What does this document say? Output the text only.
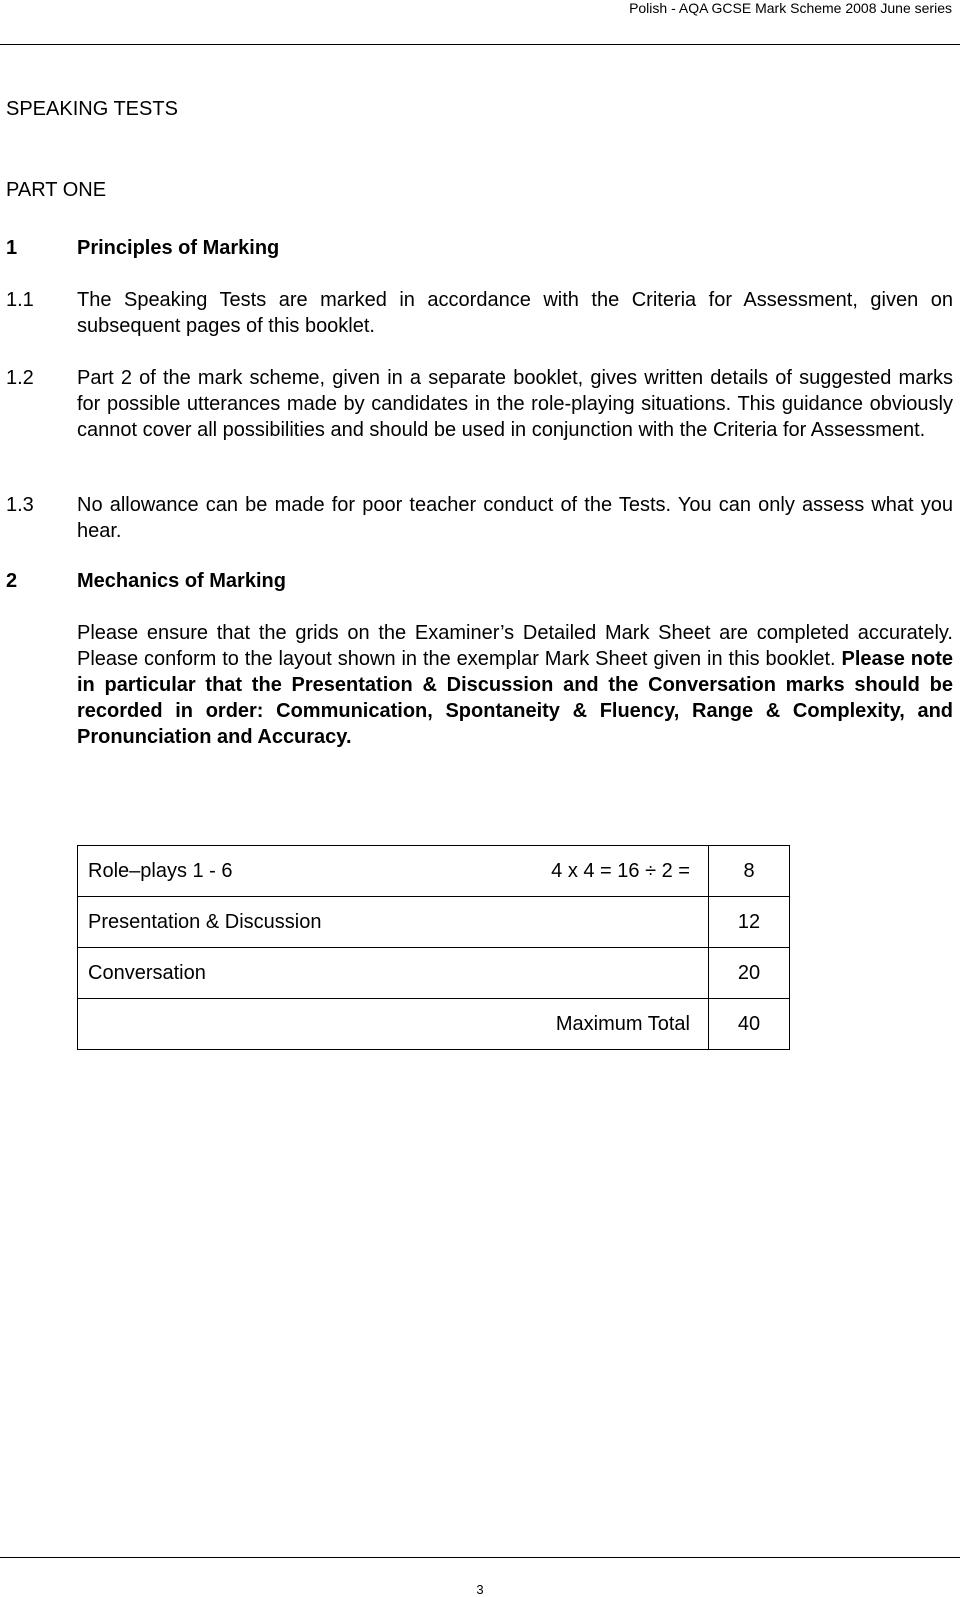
Polish - AQA GCSE Mark Scheme 2008 June series
SPEAKING TESTS
PART ONE
1	Principles of Marking
1.1 The Speaking Tests are marked in accordance with the Criteria for Assessment, given on subsequent pages of this booklet.
1.2 Part 2 of the mark scheme, given in a separate booklet, gives written details of suggested marks for possible utterances made by candidates in the role-playing situations. This guidance obviously cannot cover all possibilities and should be used in conjunction with the Criteria for Assessment.
1.3 No allowance can be made for poor teacher conduct of the Tests. You can only assess what you hear.
2	Mechanics of Marking
Please ensure that the grids on the Examiner’s Detailed Mark Sheet are completed accurately. Please conform to the layout shown in the exemplar Mark Sheet given in this booklet. Please note in particular that the Presentation & Discussion and the Conversation marks should be recorded in order: Communication, Spontaneity & Fluency, Range & Complexity, and Pronunciation and Accuracy.
Role–plays 1 - 6	4 x 4 = 16 ÷ 2 =	8
Presentation & Discussion		12
Conversation		20
	Maximum Total	40
3
